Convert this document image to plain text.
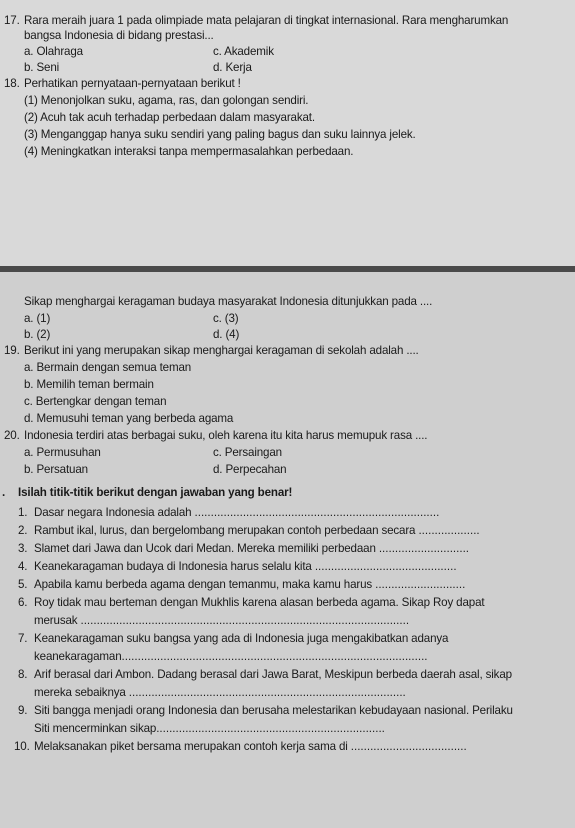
17. Rara meraih juara 1 pada olimpiade mata pelajaran di tingkat internasional. Rara mengharumkan
bangsa Indonesia di bidang prestasi...
a. Olahraga	c. Akademik
b. Seni	d. Kerja
18. Perhatikan pernyataan-pernyataan berikut !
(1) Menonjolkan suku, agama, ras, dan golongan sendiri.
(2) Acuh tak acuh terhadap perbedaan dalam masyarakat.
(3) Menganggap hanya suku sendiri yang paling bagus dan suku lainnya jelek.
(4) Meningkatkan interaksi tanpa mempermasalahkan perbedaan.
Sikap menghargai keragaman budaya masyarakat Indonesia ditunjukkan pada ....
a. (1)	c. (3)
b. (2)	d. (4)
19. Berikut ini yang merupakan sikap menghargai keragaman di sekolah adalah ....
a. Bermain dengan semua teman
b. Memilih teman bermain
c. Bertengkar dengan teman
d. Memusuhi teman yang berbeda agama
20. Indonesia terdiri atas berbagai suku, oleh karena itu kita harus memupuk rasa ....
a. Permusuhan	c. Persaingan
b. Persatuan	d. Perpecahan
. Isilah titik-titik berikut dengan jawaban yang benar!
1. Dasar negara Indonesia adalah ............................................................................
2. Rambut ikal, lurus, dan bergelombang merupakan contoh perbedaan secara ...................
3. Slamet dari Jawa dan Ucok dari Medan. Mereka memiliki perbedaan ............................
4. Keanekaragaman budaya di Indonesia harus selalu kita ............................................
5. Apabila kamu berbeda agama dengan temanmu, maka kamu harus ............................
6. Roy tidak mau berteman dengan Mukhlis karena alasan berbeda agama. Sikap Roy dapat
merusak ......................................................................................................
7. Keanekaragaman suku bangsa yang ada di Indonesia juga mengakibatkan adanya
keanekaragaman...............................................................................................
8. Arif berasal dari Ambon. Dadang berasal dari Jawa Barat, Meskipun berbeda daerah asal, sikap
mereka sebaiknya ......................................................................................
9. Siti bangga menjadi orang Indonesia dan berusaha melestarikan kebudayaan nasional. Perilaku
Siti mencerminkan sikap.......................................................................
10. Melaksanakan piket bersama merupakan contoh kerja sama di ....................................
